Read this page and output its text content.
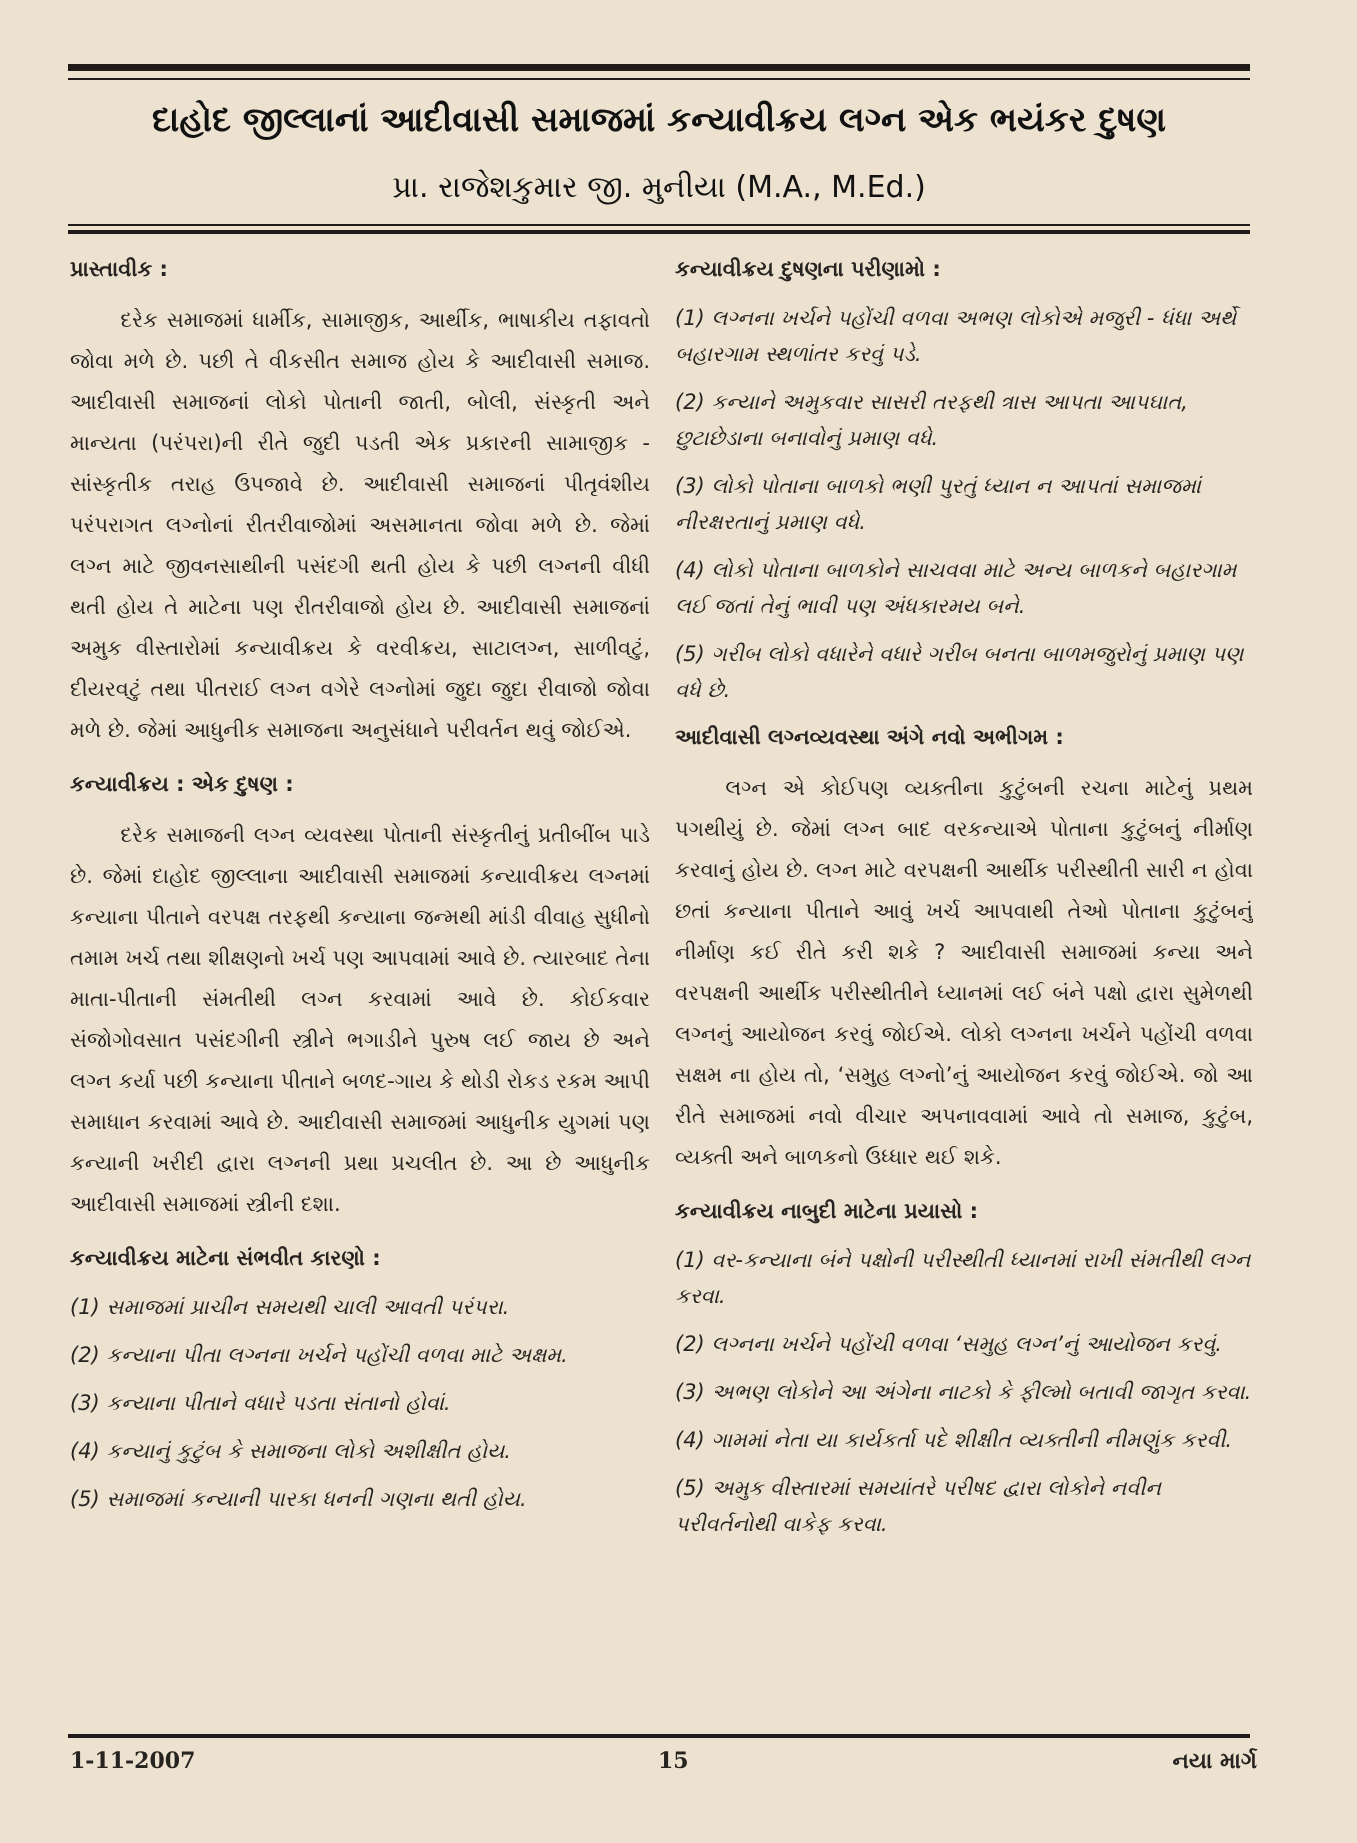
દાહોદ જીલ્લાનાં આદીવાસી સમાજમાં કન્યાવીક્રય લગ્ન એક ભયંકર દુષણ
પ્રા. રાજેશકુમાર જી. મુનીયા (M.A., M.Ed.)
પ્રાસ્તાવીક :

દરેક સમાજમાં ધાર્મીક, સામાજીક, આર્થીક, ભાષાકીય તફાવતો જોવા મળે છે. પછી તે વીકસીત સમાજ હોય કે આદીવાસી સમાજ. આદીવાસી સમાજનાં લોકો પોતાની જાતી, બોલી, સંસ્કૃતી અને માન્યતા (પરંપરા)ની રીતે જુદી પડતી એક પ્રકારની સામાજીક - સાંસ્કૃતીક તરાહ ઉપજાવે છે. આદીવાસી સમાજનાં પીતૃવંશીય પરંપરાગત લગ્નોનાં રીતરીવાજોમાં અસમાનતા જોવા મળે છે. જેમાં લગ્ન માટે જીવનસાથીની પસંદગી થતી હોય કે પછી લગ્નની વીધી થતી હોય તે માટેના પણ રીતરીવાજો હોય છે. આદીવાસી સમાજનાં અમુક વીસ્તારોમાં કન્યાવીક્રય કે વરવીક્રય, સાટાલગ્ન, સાળીવટું, દીયરવટું તથા પીતરાઈ લગ્ન વગેરે લગ્નોમાં જુદા જુદા રીવાજો જોવા મળે છે. જેમાં આધુનીક સમાજના અનુસંધાને પરીવર્તન થવું જોઈએ.

કન્યાવીક્રય : એક દુષણ :

દરેક સમાજની લગ્ન વ્યવસ્થા પોતાની સંસ્કૃતીનું પ્રતીબીંબ પાડે છે. જેમાં દાહોદ જીલ્લાના આદીવાસી સમાજમાં કન્યાવીક્રય લગ્નમાં કન્યાના પીતાને વરપક્ષ તરફથી કન્યાના જન્મથી માંડી વીવાહ સુધીનો તમામ ખર્ચ તથા શીક્ષણનો ખર્ચ પણ આપવામાં આવે છે. ત્યારબાદ તેના માતા-પીતાની સંમતીથી લગ્ન કરવામાં આવે છે. કોઈકવાર સંજોગોવસાત પસંદગીની સ્ત્રીને ભગાડીને પુરુષ લઈ જાય છે અને લગ્ન કર્યા પછી કન્યાના પીતાને બળદ-ગાય કે થોડી રોકડ રકમ આપી સમાધાન કરવામાં આવે છે. આદીવાસી સમાજમાં આધુનીક યુગમાં પણ કન્યાની ખરીદી દ્વારા લગ્નની પ્રથા પ્રચલીત છે. આ છે આધુનીક આદીવાસી સમાજમાં સ્ત્રીની દશા.

કન્યાવીક્રય માટેના સંભવીત કારણો :
(1) સમાજમાં પ્રાચીન સમયથી ચાલી આવતી પરંપરા.
(2) કન્યાના પીતા લગ્નના ખર્ચને પહોંચી વળવા માટે અક્ષમ.
(3) કન્યાના પીતાને વધારે પડતા સંતાનો હોવાં.
(4) કન્યાનું કુટુંબ કે સમાજના લોકો અશીક્ષીત હોય.
(5) સમાજમાં કન્યાની પારકા ધનની ગણના થતી હોય.
કન્યાવીક્રય દુષણના પરીણામો :
(1) લગ્નના ખર્ચને પહોંચી વળવા અભણ લોકોએ મજુરી - ધંધા અર્થે બહારગામ સ્થળાંતર કરવું પડે.
(2) કન્યાને અમુકવાર સાસરી તરફથી ત્રાસ આપતા આપઘાત, છુટાછેડાના બનાવોનું પ્રમાણ વધે.
(3) લોકો પોતાના બાળકો ભણી પુરતું ધ્યાન ન આપતાં સમાજમાં નીરક્ષરતાનું પ્રમાણ વધે.
(4) લોકો પોતાના બાળકોને સાચવવા માટે અન્ય બાળકને બહારગામ લઈ જતાં તેનું ભાવી પણ અંધકારમય બને.
(5) ગરીબ લોકો વધારેને વધારે ગરીબ બનતા બાળમજુરોનું પ્રમાણ પણ વધે છે.
આદીવાસી લગ્નવ્યવસ્થા અંગે નવો અભીગમ :

લગ્ન એ કોઈપણ વ્યક્તીના કુટુંબની રચના માટેનું પ્રથમ પગથીયું છે. જેમાં લગ્ન બાદ વરકન્યાએ પોતાના કુટુંબનું નીર્માણ કરવાનું હોય છે. લગ્ન માટે વરપક્ષની આર્થીક પરીસ્થીતી સારી ન હોવા છતાં કન્યાના પીતાને આવું ખર્ચ આપવાથી તેઓ પોતાના કુટુંબનું નીર્માણ કઈ રીતે કરી શકે ? આદીવાસી સમાજમાં કન્યા અને વરપક્ષની આર્થીક પરીસ્થીતીને ધ્યાનમાં લઈ બંને પક્ષો દ્વારા સુમેળથી લગ્નનું આયોજન કરવું જોઈએ. લોકો લગ્નના ખર્ચને પહોંચી વળવા સક્ષમ ના હોય તો, ‘સમુહ લગ્નો’નું આયોજન કરવું જોઈએ. જો આ રીતે સમાજમાં નવો વીચાર અપનાવવામાં આવે તો સમાજ, કુટુંબ, વ્યક્તી અને બાળકનો ઉધ્ધાર થઈ શકે.

કન્યાવીક્રય નાબુદી માટેના પ્રયાસો :
(1) વર-કન્યાના બંને પક્ષોની પરીસ્થીતી ધ્યાનમાં રાખી સંમતીથી લગ્ન કરવા.
(2) લગ્નના ખર્ચને પહોંચી વળવા ‘સમુહ લગ્ન’નું આયોજન કરવું.
(3) અભણ લોકોને આ અંગેના નાટકો કે ફીલ્મો બતાવી જાગૃત કરવા.
(4) ગામમાં નેતા યા કાર્યકર્તા પદે શીક્ષીત વ્યક્તીની નીમણુંક કરવી.
(5) અમુક વીસ્તારમાં સમયાંતરે પરીષદ દ્વારા લોકોને નવીન પરીવર્તનોથી વાકેફ કરવા.
1-11-2007	15	નયા માર્ગ
